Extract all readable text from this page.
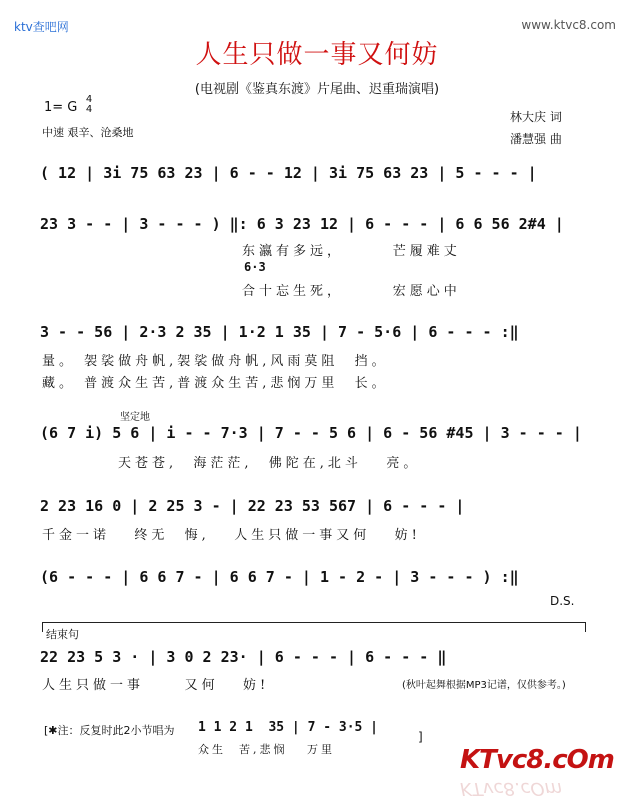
ktv查吧网	www.ktvc8.com
人生只做一事又何妨
(电视剧《鉴真东渡》片尾曲、迟重瑞演唱)
1= G
4
4
中速 艰辛、沧桑地
林大庆 词
潘慧强 曲
( 12 | 3i 75 63 23 | 6 - - 12 | 3i 75 63 23 | 5 - - - |
23 3 - - | 3 - - - ) ‖: 6 3 23 12 | 6 - - - | 6 6 56 2#4 |
东瀛有多远，      芒履难丈
6·3
合十忘生死，      宏愿心中
3 - - 56 | 2·3 2 35 | 1·2 1 35 | 7 - 5·6 | 6 - - - :‖
量。 袈裟做舟帆,袈裟做舟帆,风雨莫阻  挡。
藏。 普渡众生苦,普渡众生苦,悲悯万里  长。
坚定地
(6 7 i) 5 6 | i - - 7·3 | 7 - - 5 6 | 6 - 56 #45 | 3 - - - |
天苍苍,  海茫茫,  佛陀在,北斗   亮。
2 23 16 0 | 2 25 3 - | 22 23 53 567 | 6 - - - |
千金一诺   终无  悔,   人生只做一事又何   妨!
(6 - - - | 6 6 7 - | 6 6 7 - | 1 - 2 - | 3 - - - ) :‖
D.S.
结束句
22 23 5 3 · | 3 0 2 23· | 6 - - - | 6 - - - ‖
人生只做一事     又何   妨!	(秋叶起舞根据MP3记谱，仅供参考。)
[✱注：反复时此2小节唱为 1 1 2 1  35 | 7 - 3·5 |
众生  苦,悲悯   万里
]
KTvc8.cOm
KTvc8.cOm
